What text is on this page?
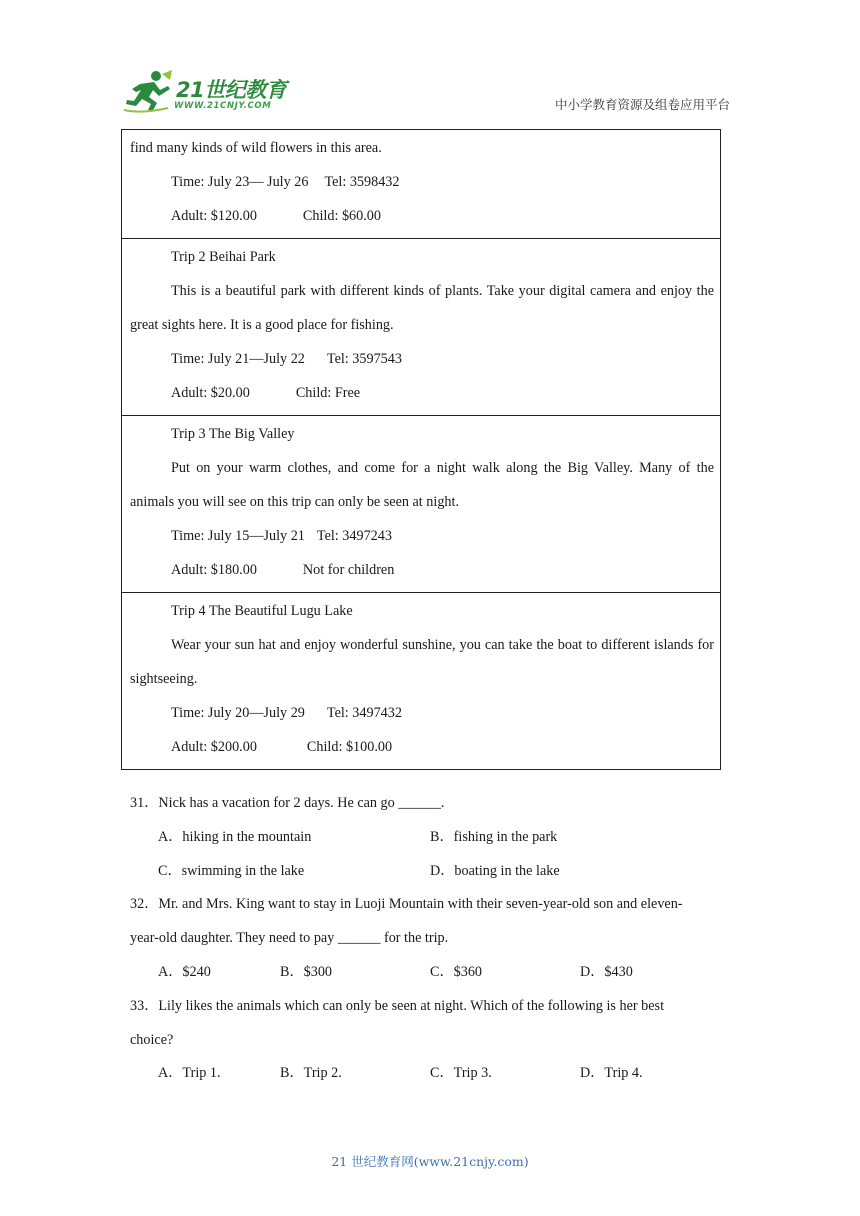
21世纪教育
WWW.21CNJY.COM	中小学教育资源及组卷应用平台
find many kinds of wild flowers in this area.
Time: July 23— July 26 Tel: 3598432
Adult: $120.00	Child: $60.00
Trip 2 Beihai Park
This is a beautiful park with different kinds of plants. Take your digital camera and enjoy the great sights here. It is a good place for fishing.
Time: July 21—July 22 Tel: 3597543
Adult: $20.00	Child: Free
Trip 3 The Big Valley
Put on your warm clothes, and come for a night walk along the Big Valley. Many of the animals you will see on this trip can only be seen at night.
Time: July 15—July 21 Tel: 3497243
Adult: $180.00	Not for children
Trip 4 The Beautiful Lugu Lake
Wear your sun hat and enjoy wonderful sunshine, you can take the boat to different islands for sightseeing.
Time: July 20—July 29 Tel: 3497432
Adult: $200.00	Child: $100.00
31．Nick has a vacation for 2 days. He can go ______.
A．hiking in the mountain	B．fishing in the park
C．swimming in the lake	D．boating in the lake
32．Mr. and Mrs. King want to stay in Luoji Mountain with their seven-year-old son and eleven-year-old daughter. They need to pay ______ for the trip.
A．$240	B．$300	C．$360	D．$430
33．Lily likes the animals which can only be seen at night. Which of the following is her best choice?
A．Trip 1.	B．Trip 2.	C．Trip 3.	D．Trip 4.
21 世纪教育网(www.21cnjy.com)
